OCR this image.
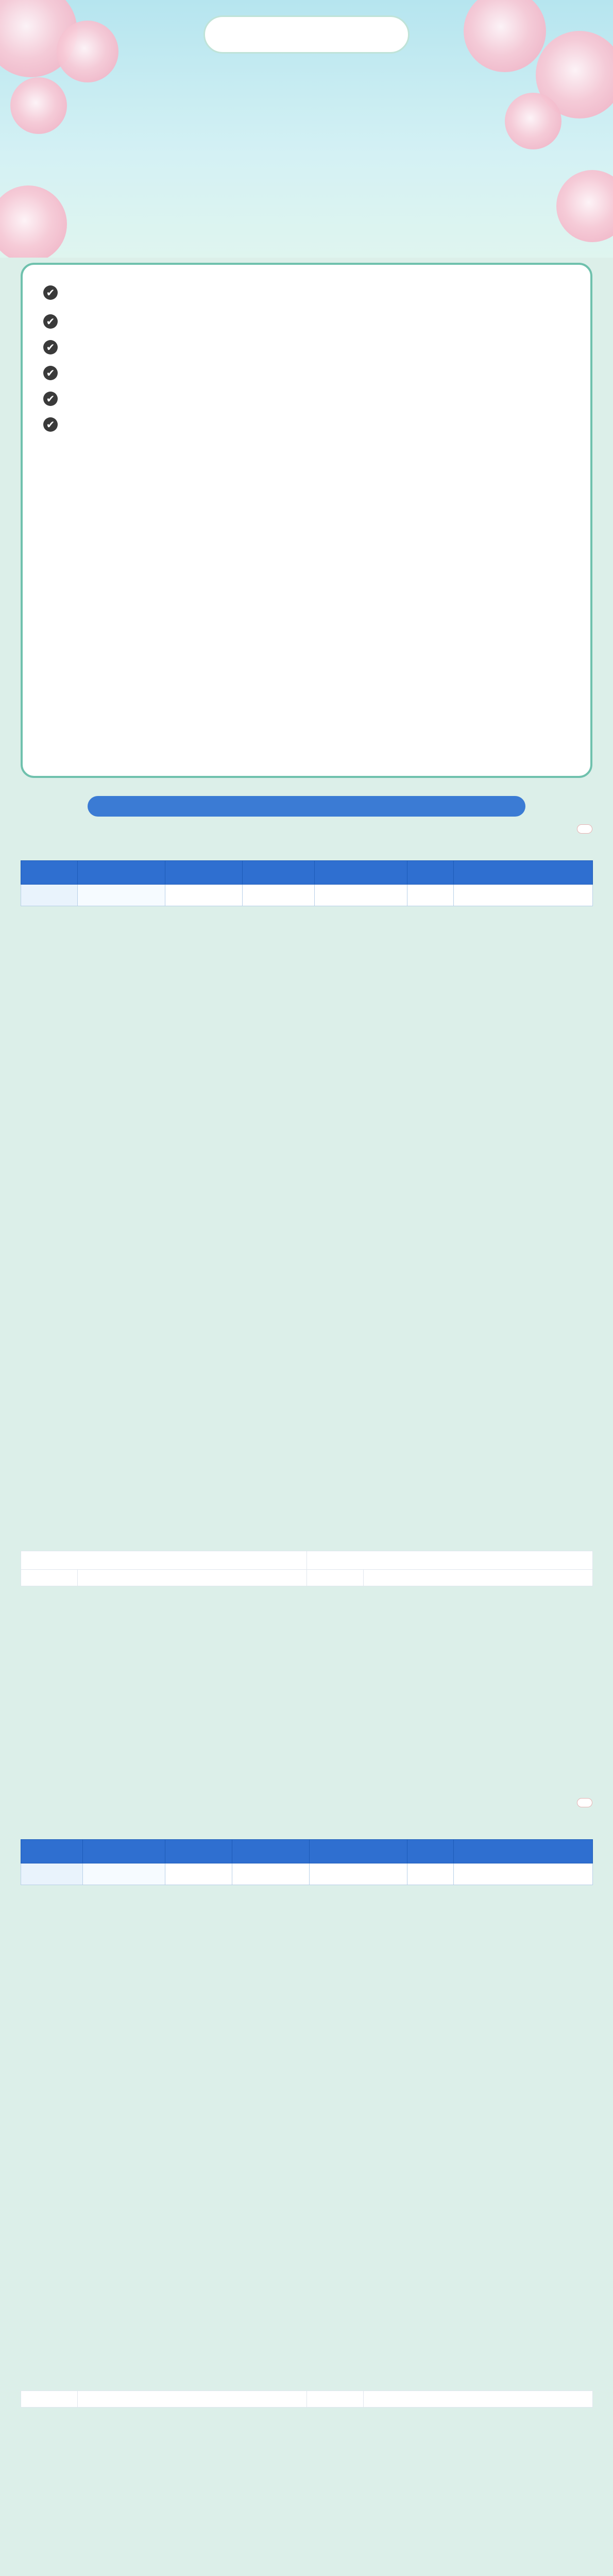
✔

✔
✔
✔
✔
✔
